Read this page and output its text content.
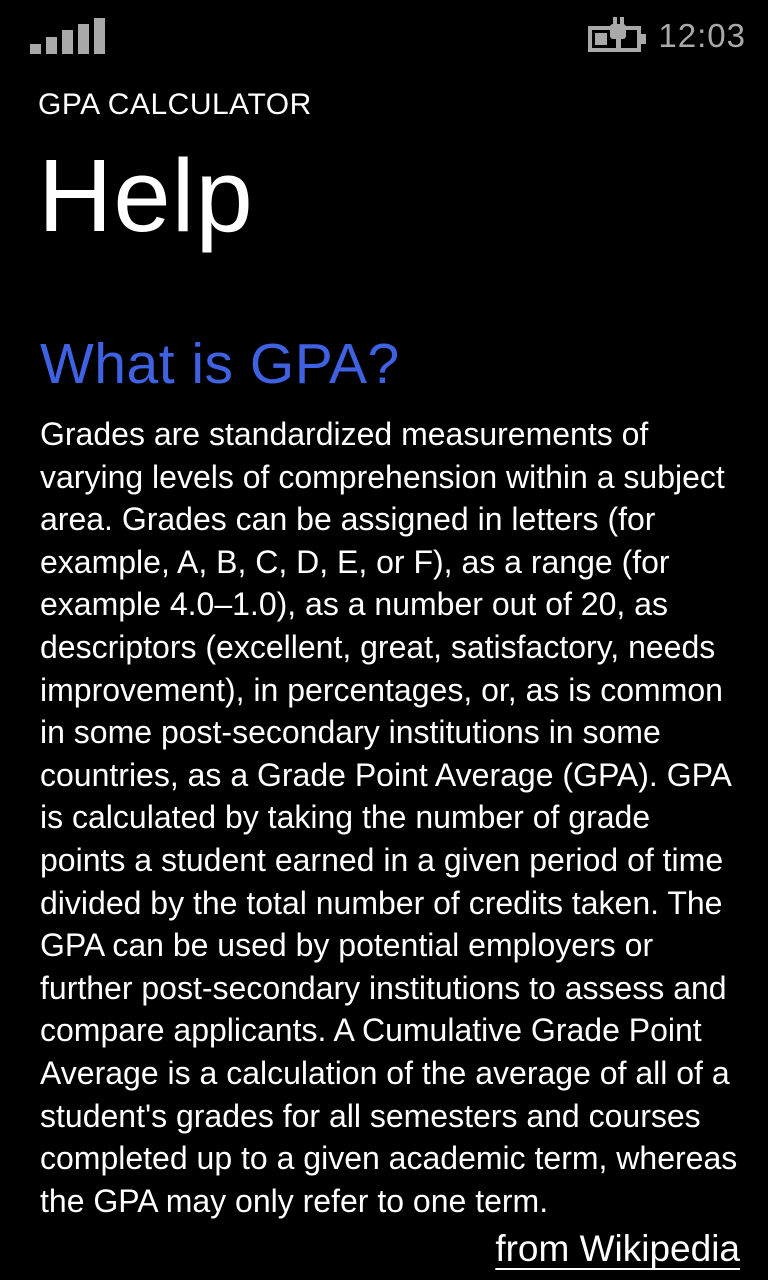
12:03
GPA CALCULATOR
Help
What is GPA?
Grades are standardized measurements of varying levels of comprehension within a subject area. Grades can be assigned in letters (for example, A, B, C, D, E, or F), as a range (for example 4.0–1.0), as a number out of 20, as descriptors (excellent, great, satisfactory, needs improvement), in percentages, or, as is common in some post-secondary institutions in some countries, as a Grade Point Average (GPA). GPA is calculated by taking the number of grade points a student earned in a given period of time divided by the total number of credits taken. The GPA can be used by potential employers or further post-secondary institutions to assess and compare applicants. A Cumulative Grade Point Average is a calculation of the average of all of a student's grades for all semesters and courses completed up to a given academic term, whereas the GPA may only refer to one term.
from Wikipedia
